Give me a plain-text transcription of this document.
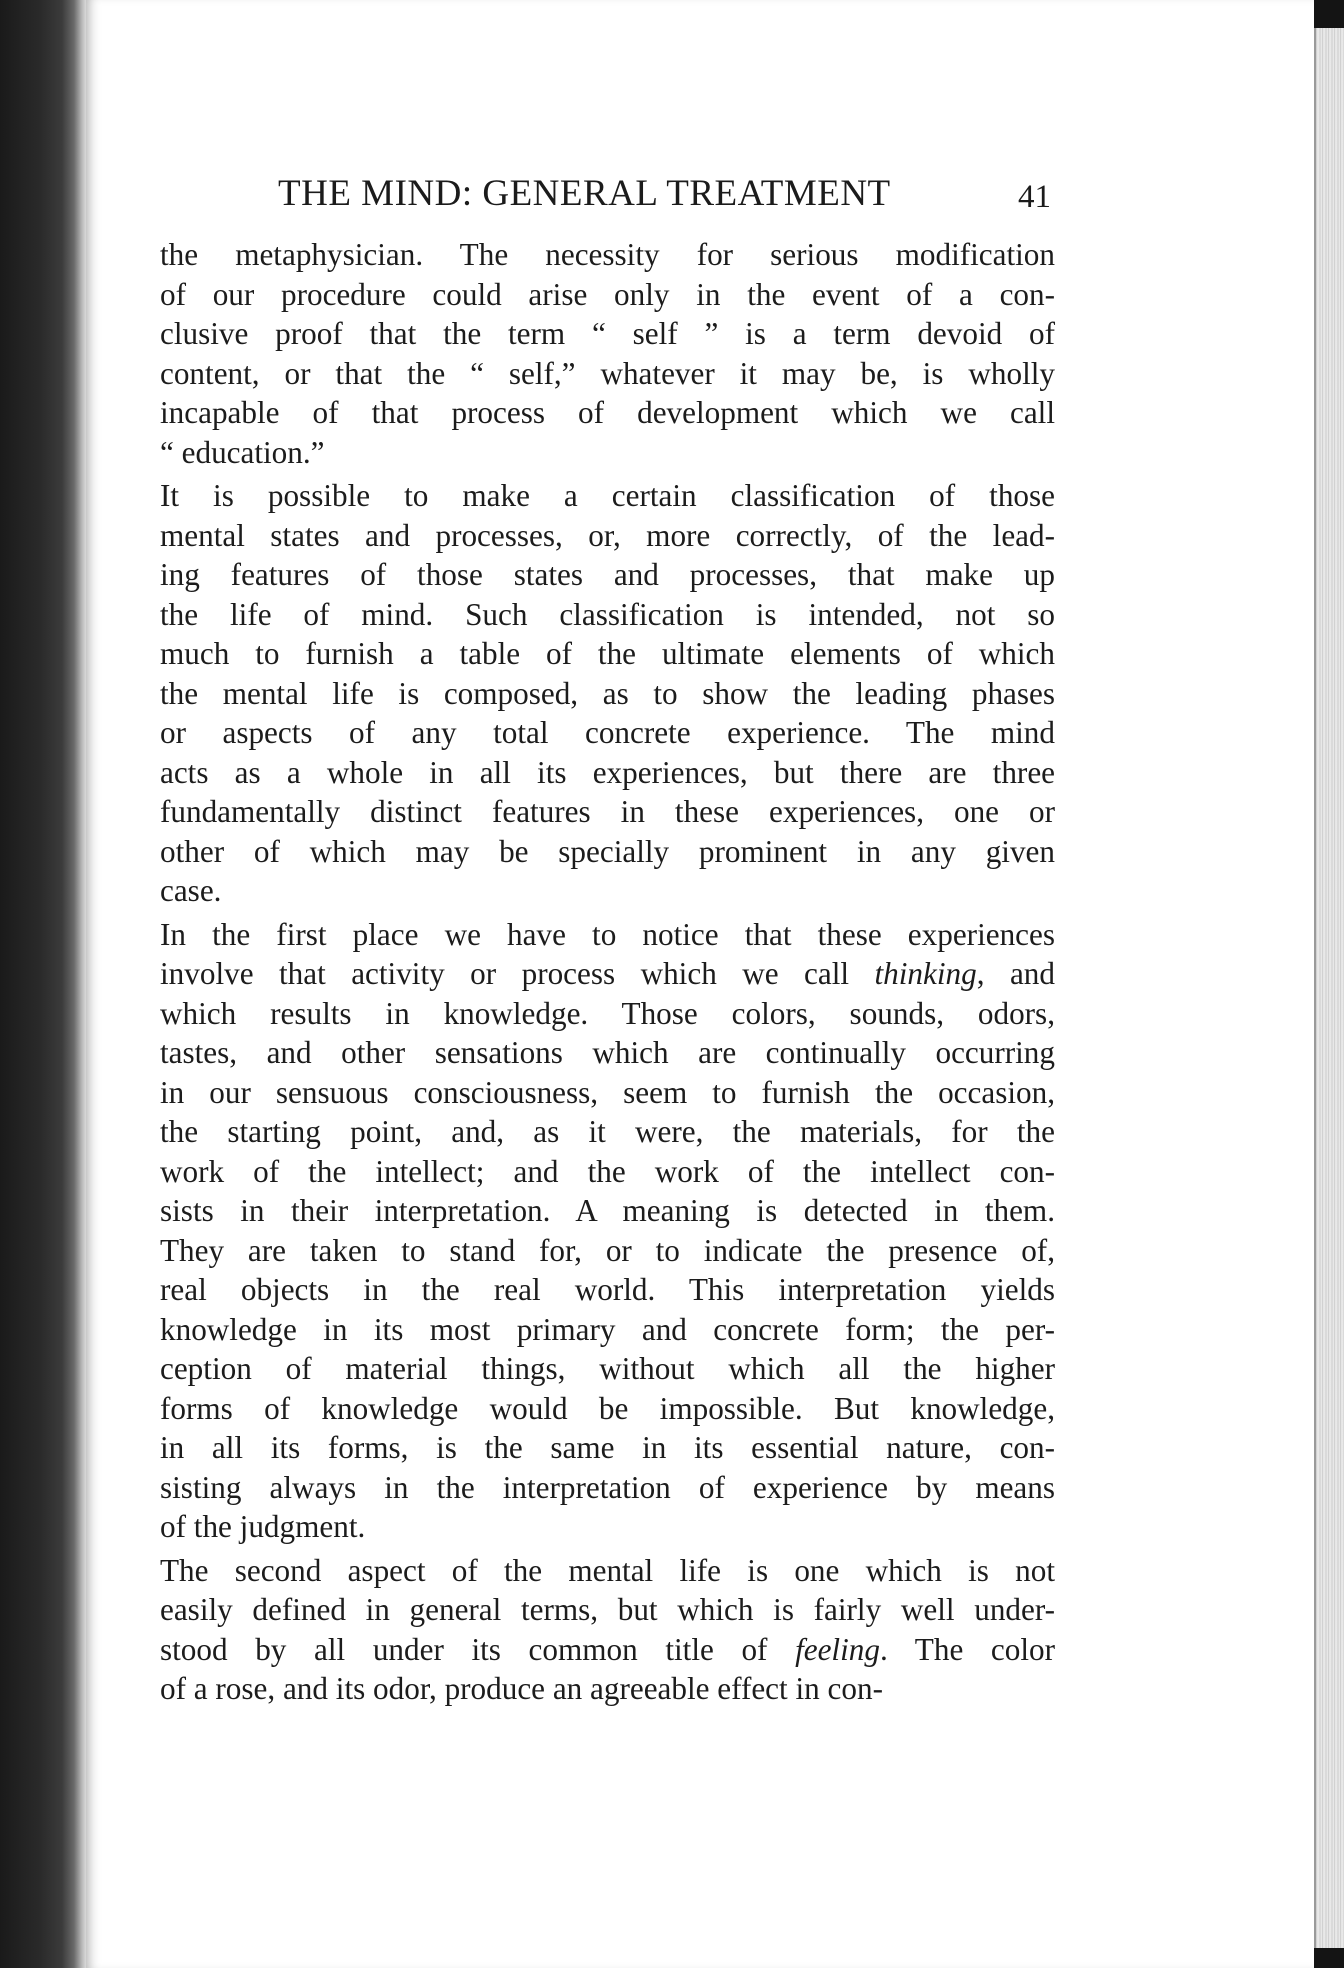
THE MIND: GENERAL TREATMENT	41
the metaphysician. The necessity for serious modification
of our procedure could arise only in the event of a con-
clusive proof that the term “ self ” is a term devoid of
content, or that the “ self,” whatever it may be, is wholly
incapable of that process of development which we call
“ education.”
It is possible to make a certain classification of those
mental states and processes, or, more correctly, of the lead-
ing features of those states and processes, that make up
the life of mind. Such classification is intended, not so
much to furnish a table of the ultimate elements of which
the mental life is composed, as to show the leading phases
or aspects of any total concrete experience. The mind
acts as a whole in all its experiences, but there are three
fundamentally distinct features in these experiences, one or
other of which may be specially prominent in any given
case.
In the first place we have to notice that these experiences
involve that activity or process which we call thinking, and
which results in knowledge. Those colors, sounds, odors,
tastes, and other sensations which are continually occurring
in our sensuous consciousness, seem to furnish the occasion,
the starting point, and, as it were, the materials, for the
work of the intellect; and the work of the intellect con-
sists in their interpretation. A meaning is detected in them.
They are taken to stand for, or to indicate the presence of,
real objects in the real world. This interpretation yields
knowledge in its most primary and concrete form; the per-
ception of material things, without which all the higher
forms of knowledge would be impossible. But knowledge,
in all its forms, is the same in its essential nature, con-
sisting always in the interpretation of experience by means
of the judgment.
The second aspect of the mental life is one which is not
easily defined in general terms, but which is fairly well under-
stood by all under its common title of feeling. The color
of a rose, and its odor, produce an agreeable effect in con-
